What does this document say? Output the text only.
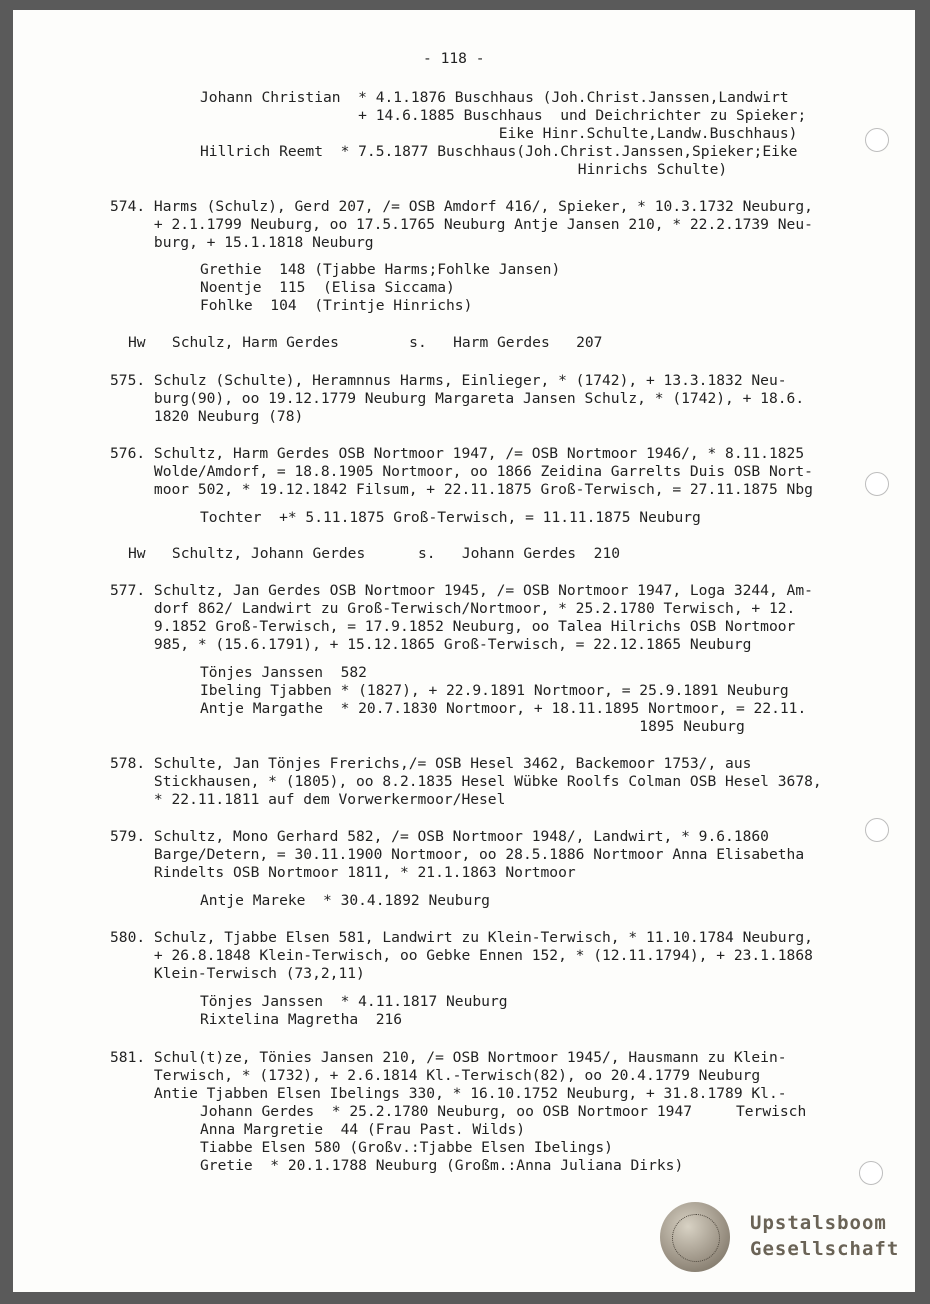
- 118 -
Johann Christian  * 4.1.1876 Buschhaus (Joh.Christ.Janssen,Landwirt
+ 14.6.1885 Buschhaus  und Deichrichter zu Spieker;
Eike Hinr.Schulte,Landw.Buschhaus)
Hillrich Reemt  * 7.5.1877 Buschhaus(Joh.Christ.Janssen,Spieker;Eike
Hinrichs Schulte)
574. Harms (Schulz), Gerd 207, /= OSB Amdorf 416/, Spieker, * 10.3.1732 Neuburg,
+ 2.1.1799 Neuburg, oo 17.5.1765 Neuburg Antje Jansen 210, * 22.2.1739 Neu-
burg, + 15.1.1818 Neuburg
Grethie  148 (Tjabbe Harms;Fohlke Jansen)
Noentje  115  (Elisa Siccama)
Fohlke  104  (Trintje Hinrichs)
Hw   Schulz, Harm Gerdes        s.   Harm Gerdes   207
575. Schulz (Schulte), Heramnnus Harms, Einlieger, * (1742), + 13.3.1832 Neu-
burg(90), oo 19.12.1779 Neuburg Margareta Jansen Schulz, * (1742), + 18.6.
1820 Neuburg (78)
576. Schultz, Harm Gerdes OSB Nortmoor 1947, /= OSB Nortmoor 1946/, * 8.11.1825
Wolde/Amdorf, = 18.8.1905 Nortmoor, oo 1866 Zeidina Garrelts Duis OSB Nort-
moor 502, * 19.12.1842 Filsum, + 22.11.1875 Groß-Terwisch, = 27.11.1875 Nbg
Tochter  +* 5.11.1875 Groß-Terwisch, = 11.11.1875 Neuburg
Hw   Schultz, Johann Gerdes      s.   Johann Gerdes  210
577. Schultz, Jan Gerdes OSB Nortmoor 1945, /= OSB Nortmoor 1947, Loga 3244, Am-
dorf 862/ Landwirt zu Groß-Terwisch/Nortmoor, * 25.2.1780 Terwisch, + 12.
9.1852 Groß-Terwisch, = 17.9.1852 Neuburg, oo Talea Hilrichs OSB Nortmoor
985, * (15.6.1791), + 15.12.1865 Groß-Terwisch, = 22.12.1865 Neuburg
Tönjes Janssen  582
Ibeling Tjabben * (1827), + 22.9.1891 Nortmoor, = 25.9.1891 Neuburg
Antje Margathe  * 20.7.1830 Nortmoor, + 18.11.1895 Nortmoor, = 22.11.
1895 Neuburg
578. Schulte, Jan Tönjes Frerichs,/= OSB Hesel 3462, Backemoor 1753/, aus
Stickhausen, * (1805), oo 8.2.1835 Hesel Wübke Roolfs Colman OSB Hesel 3678,
* 22.11.1811 auf dem Vorwerkermoor/Hesel
579. Schultz, Mono Gerhard 582, /= OSB Nortmoor 1948/, Landwirt, * 9.6.1860
Barge/Detern, = 30.11.1900 Nortmoor, oo 28.5.1886 Nortmoor Anna Elisabetha
Rindelts OSB Nortmoor 1811, * 21.1.1863 Nortmoor
Antje Mareke  * 30.4.1892 Neuburg
580. Schulz, Tjabbe Elsen 581, Landwirt zu Klein-Terwisch, * 11.10.1784 Neuburg,
+ 26.8.1848 Klein-Terwisch, oo Gebke Ennen 152, * (12.11.1794), + 23.1.1868
Klein-Terwisch (73,2,11)
Tönjes Janssen  * 4.11.1817 Neuburg
Rixtelina Magretha  216
581. Schul(t)ze, Tönies Jansen 210, /= OSB Nortmoor 1945/, Hausmann zu Klein-
Terwisch, * (1732), + 2.6.1814 Kl.-Terwisch(82), oo 20.4.1779 Neuburg
Antie Tjabben Elsen Ibelings 330, * 16.10.1752 Neuburg, + 31.8.1789 Kl.-
Johann Gerdes  * 25.2.1780 Neuburg, oo OSB Nortmoor 1947     Terwisch
Anna Margretie  44 (Frau Past. Wilds)
Tiabbe Elsen 580 (Großv.:Tjabbe Elsen Ibelings)
Gretie  * 20.1.1788 Neuburg (Großm.:Anna Juliana Dirks)
Upstalsboom
Gesellschaft
